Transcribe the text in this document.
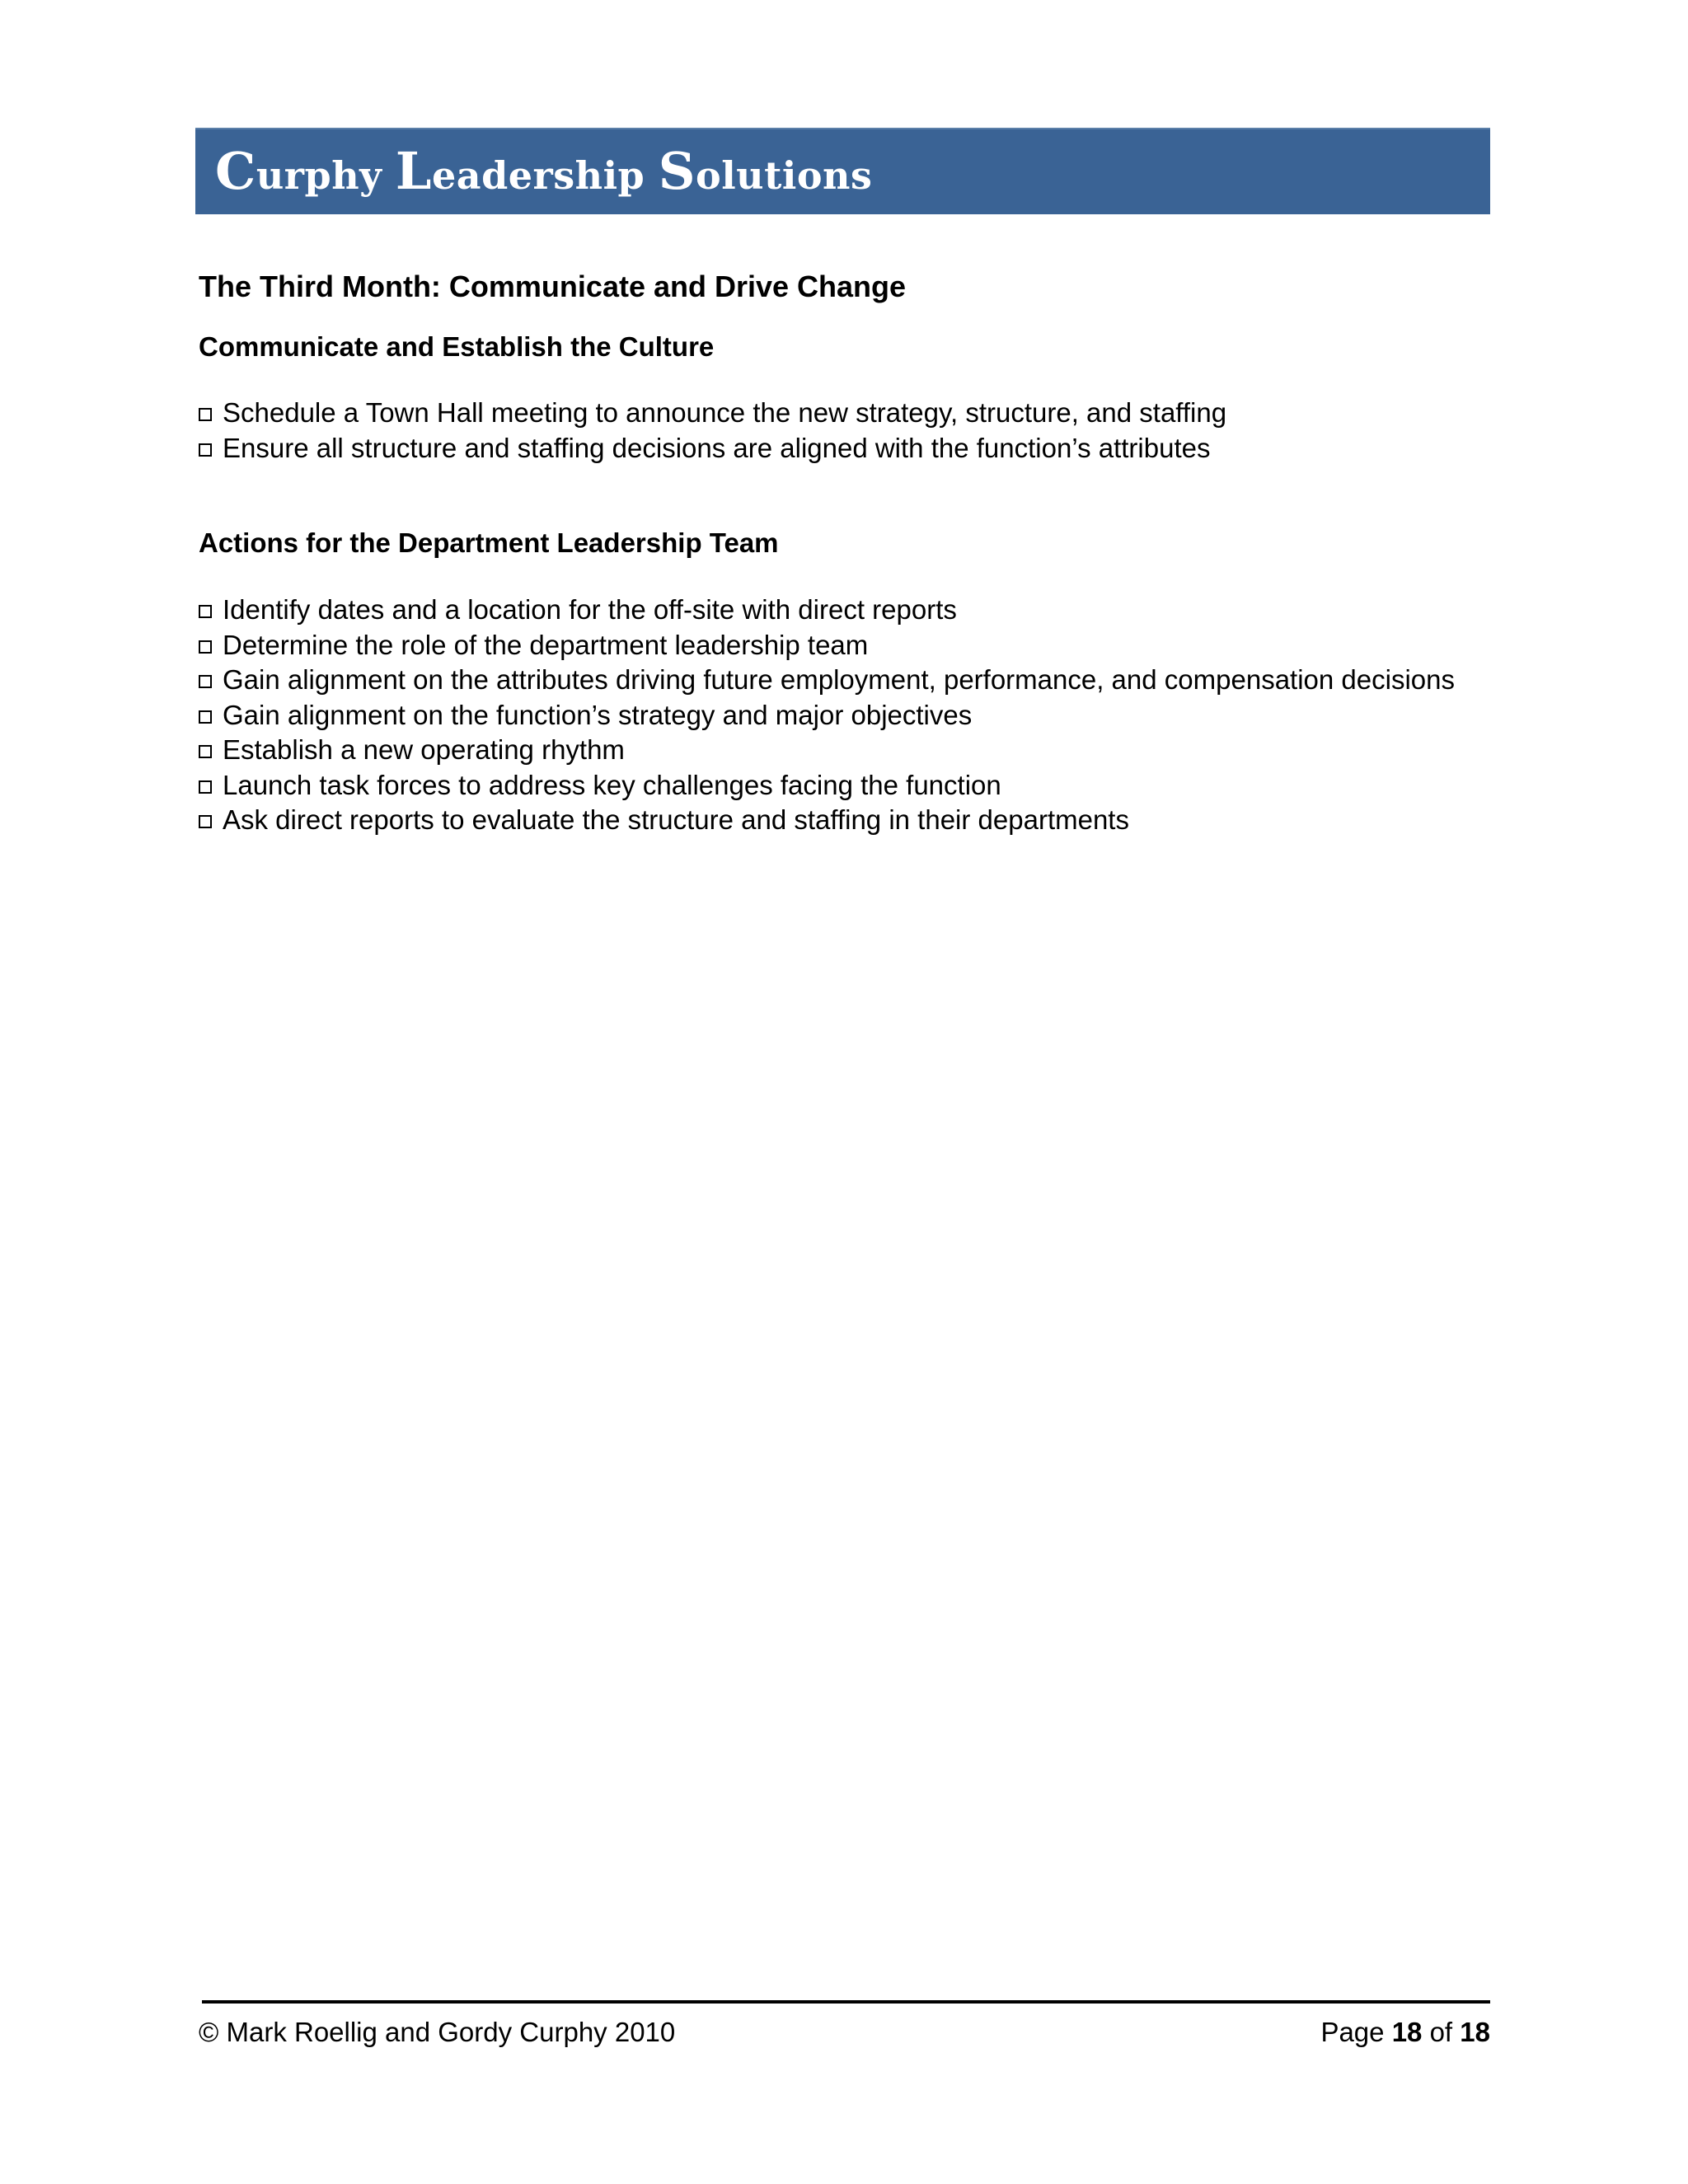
Curphy Leadership Solutions
The Third Month: Communicate and Drive Change
Communicate and Establish the Culture
Schedule a Town Hall meeting to announce the new strategy, structure, and staffing
Ensure all structure and staffing decisions are aligned with the function’s attributes
Actions for the Department Leadership Team
Identify dates and a location for the off-site with direct reports
Determine the role of the department leadership team
Gain alignment on the attributes driving future employment, performance, and compensation decisions
Gain alignment on the function’s strategy and major objectives
Establish a new operating rhythm
Launch task forces to address key challenges facing the function
Ask direct reports to evaluate the structure and staffing in their departments

© Mark Roellig and Gordy Curphy 2010	Page 18 of 18
